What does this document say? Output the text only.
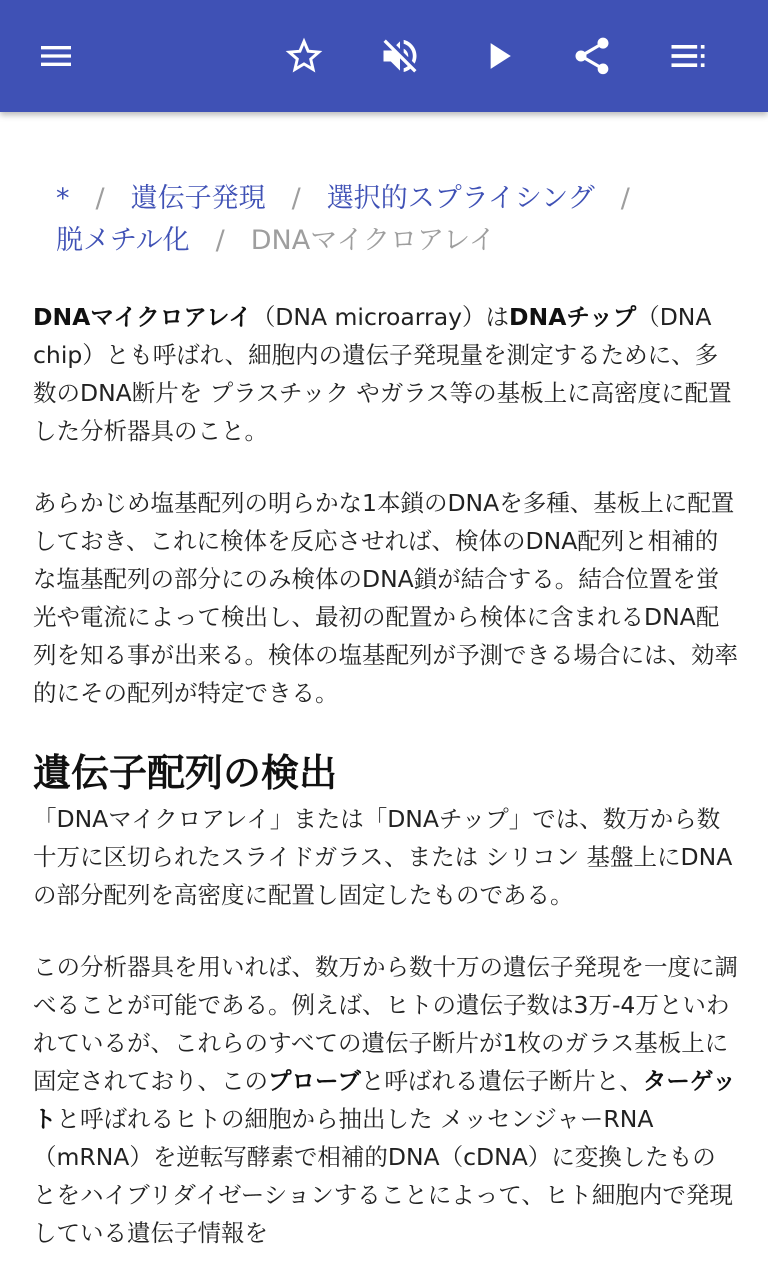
* / 遺伝子発現 / 選択的スプライシング /
脱メチル化 / DNAマイクロアレイ

DNAマイクロアレイ（DNA microarray）はDNAチップ（DNA chip）とも呼ばれ、細胞内の遺伝子発現量を測定するために、多数のDNA断片を プラスチック やガラス等の基板上に高密度に配置した分析器具のこと。

あらかじめ塩基配列の明らかな1本鎖のDNAを多種、基板上に配置しておき、これに検体を反応させれば、検体のDNA配列と相補的な塩基配列の部分にのみ検体のDNA鎖が結合する。結合位置を蛍光や電流によって検出し、最初の配置から検体に含まれるDNA配列を知る事が出来る。検体の塩基配列が予測できる場合には、効率的にその配列が特定できる。

遺伝子配列の検出

「DNAマイクロアレイ」または「DNAチップ」では、数万から数十万に区切られたスライドガラス、または シリコン 基盤上にDNAの部分配列を高密度に配置し固定したものである。

この分析器具を用いれば、数万から数十万の遺伝子発現を一度に調べることが可能である。例えば、ヒトの遺伝子数は3万-4万といわれているが、これらのすべての遺伝子断片が1枚のガラス基板上に固定されており、このプローブと呼ばれる遺伝子断片と、ターゲットと呼ばれるヒトの細胞から抽出した メッセンジャーRNA （mRNA）を逆転写酵素で相補的DNA（cDNA）に変換したものとをハイブリダイゼーションすることによって、ヒト細胞内で発現している遺伝子情報を
